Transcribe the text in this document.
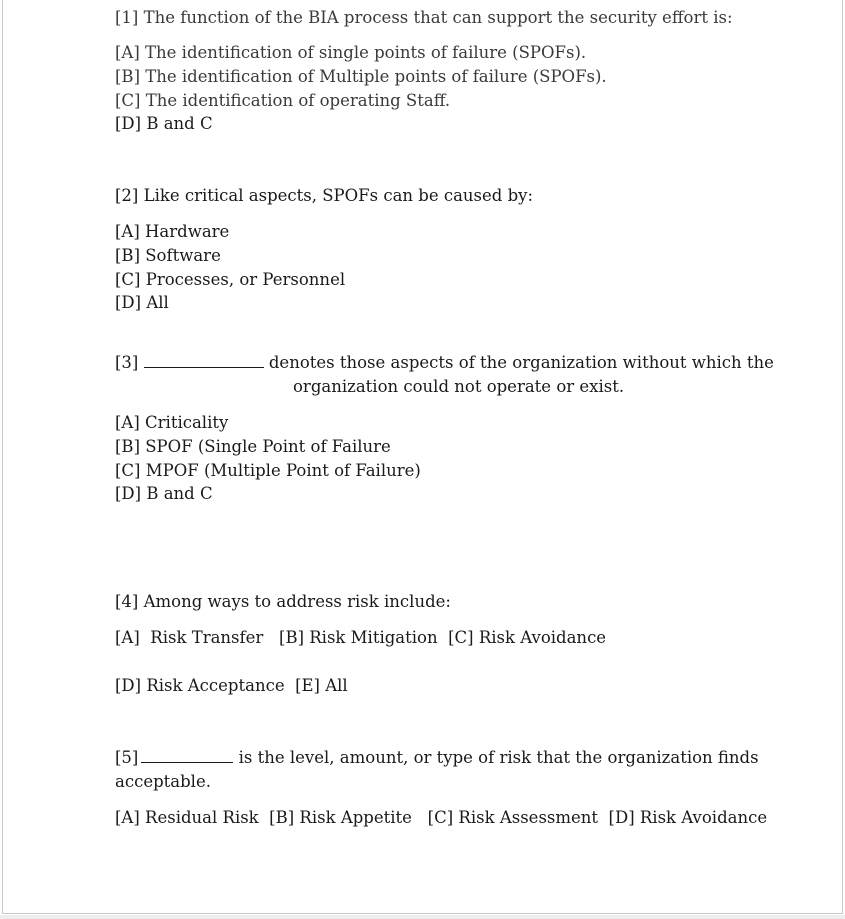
[1] The function of the BIA process that can support the security effort is:
[A] The identification of single points of failure (SPOFs).
[B] The identification of Multiple points of failure (SPOFs).
[C] The identification of operating Staff.
[D] B and C
[2] Like critical aspects, SPOFs can be caused by:
[A] Hardware
[B] Software
[C] Processes, or Personnel
[D] All
[3]	denotes those aspects of the organization without which the
organization could not operate or exist.
[A] Criticality
[B] SPOF (Single Point of Failure
[C] MPOF (Multiple Point of Failure)
[D] B and C
[4] Among ways to address risk include:
[A]  Risk Transfer   [B] Risk Mitigation  [C] Risk Avoidance
[D] Risk Acceptance  [E] All
[5]	is the level, amount, or type of risk that the organization finds
acceptable.
[A] Residual Risk  [B] Risk Appetite   [C] Risk Assessment  [D] Risk Avoidance
